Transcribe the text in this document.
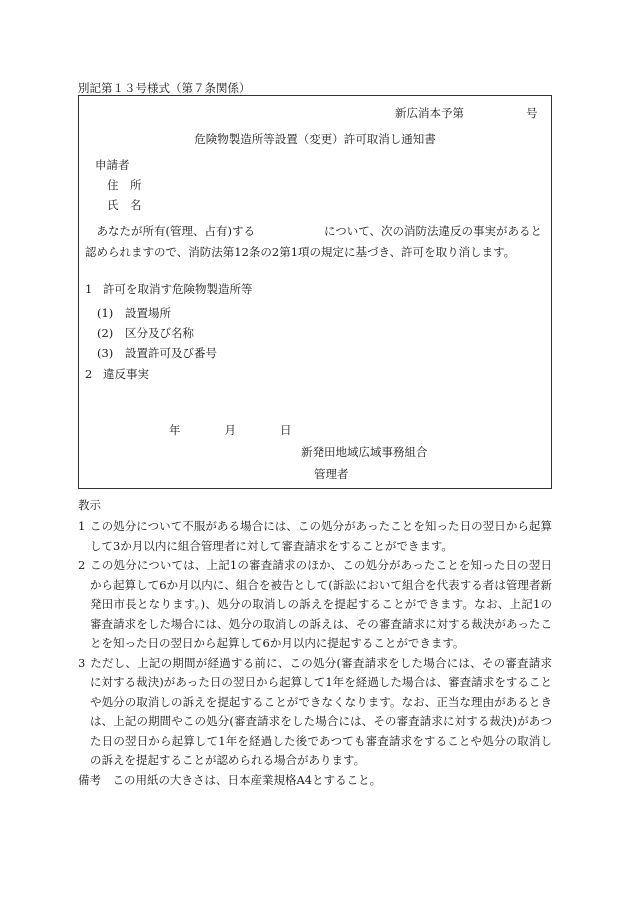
別記第１３号様式（第７条関係）
新広消本予第	号
危険物製造所等設置（変更）許可取消し通知書
申請者
住　所
氏　名
　あなたが所有(管理、占有)する　　　　　　について、次の消防法違反の事実があると認められますので、消防法第12条の2第1項の規定に基づき、許可を取り消します。
1 許可を取消す危険物製造所等
(1) 設置場所
(2) 区分及び名称
(3) 設置許可及び番号
2 違反事実
年	月	日
新発田地域広域事務組合
管理者
教示
1 この処分について不服がある場合には、この処分があったことを知った日の翌日から起算して3か月以内に組合管理者に対して審査請求をすることができます。
2 この処分については、上記1の審査請求のほか、この処分があったことを知った日の翌日から起算して6か月以内に、組合を被告として(訴訟において組合を代表する者は管理者新発田市長となります。)、処分の取消しの訴えを提起することができます。なお、上記1の審査請求をした場合には、処分の取消しの訴えは、その審査請求に対する裁決があったことを知った日の翌日から起算して6か月以内に提起することができます。
3 ただし、上記の期間が経過する前に、この処分(審査請求をした場合には、その審査請求に対する裁決)があった日の翌日から起算して1年を経過した場合は、審査請求をすることや処分の取消しの訴えを提起することができなくなります。なお、正当な理由があるときは、上記の期間やこの処分(審査請求をした場合には、その審査請求に対する裁決)があつた日の翌日から起算して1年を経過した後であつても審査請求をすることや処分の取消しの訴えを提起することが認められる場合があります。
備考　この用紙の大きさは、日本産業規格A4とすること。
